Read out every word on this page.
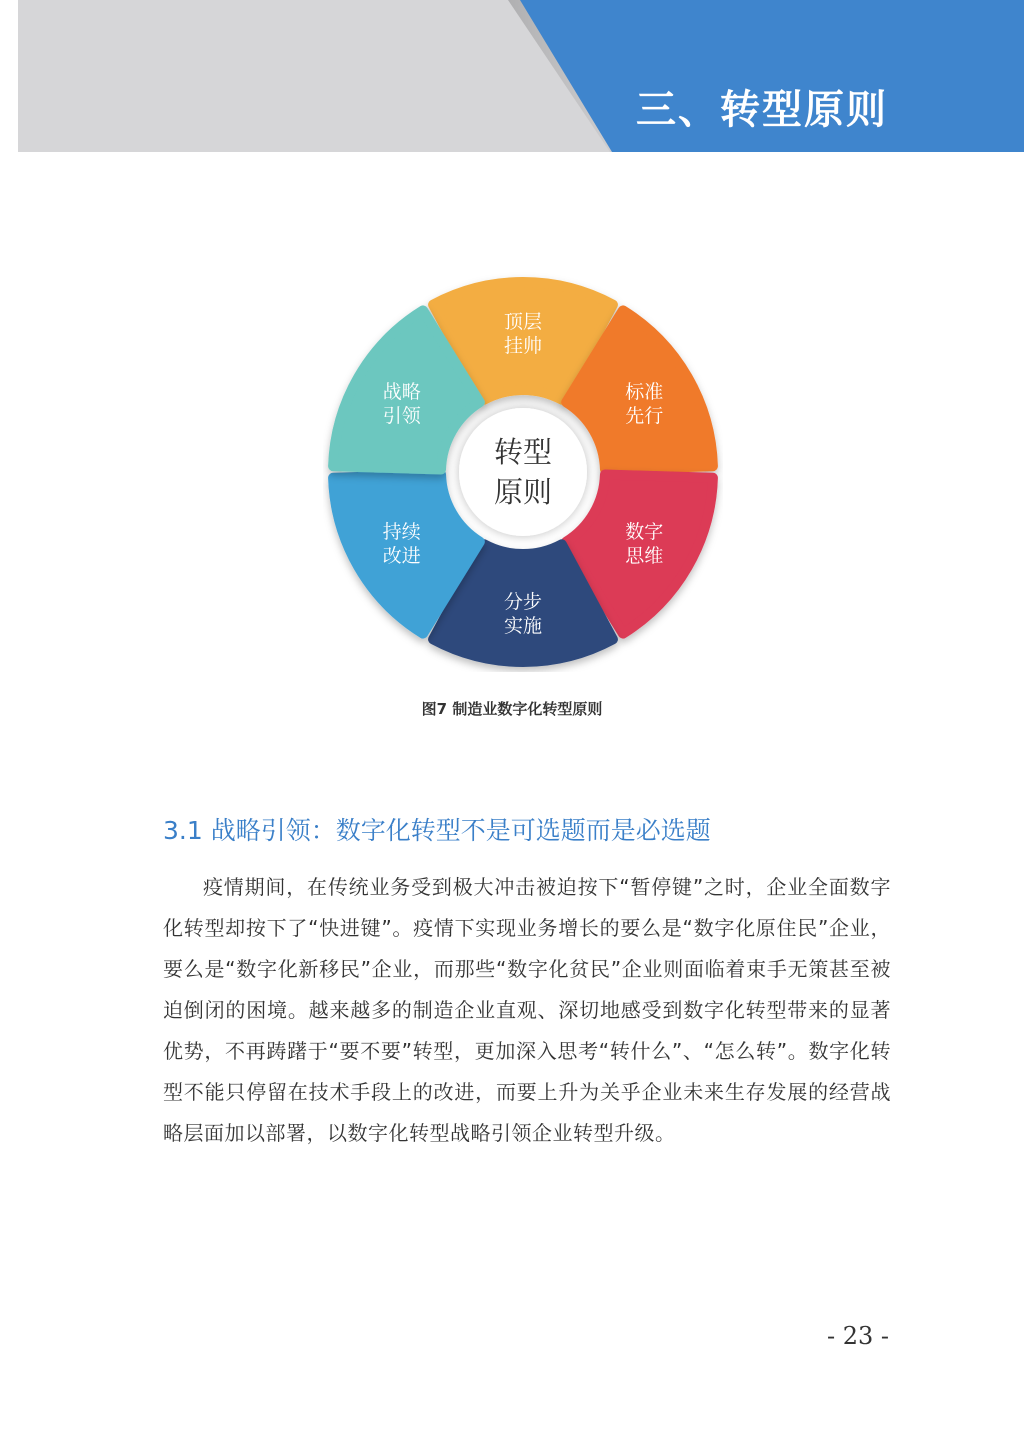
三、转型原则
顶层
挂帅
标准
先行
数字
思维
分步
实施
持续
改进
战略
引领
转型
原则
图7 制造业数字化转型原则
3.1 战略引领：数字化转型不是可选题而是必选题

疫情期间，在传统业务受到极大冲击被迫按下“暂停键”之时，企业全面数字化转型却按下了“快进键”。疫情下实现业务增长的要么是“数字化原住民”企业，要么是“数字化新移民”企业，而那些“数字化贫民”企业则面临着束手无策甚至被迫倒闭的困境。越来越多的制造企业直观、深切地感受到数字化转型带来的显著优势，不再踌躇于“要不要”转型，更加深入思考“转什么”、“怎么转”。数字化转型不能只停留在技术手段上的改进，而要上升为关乎企业未来生存发展的经营战略层面加以部署，以数字化转型战略引领企业转型升级。

- 23 -
